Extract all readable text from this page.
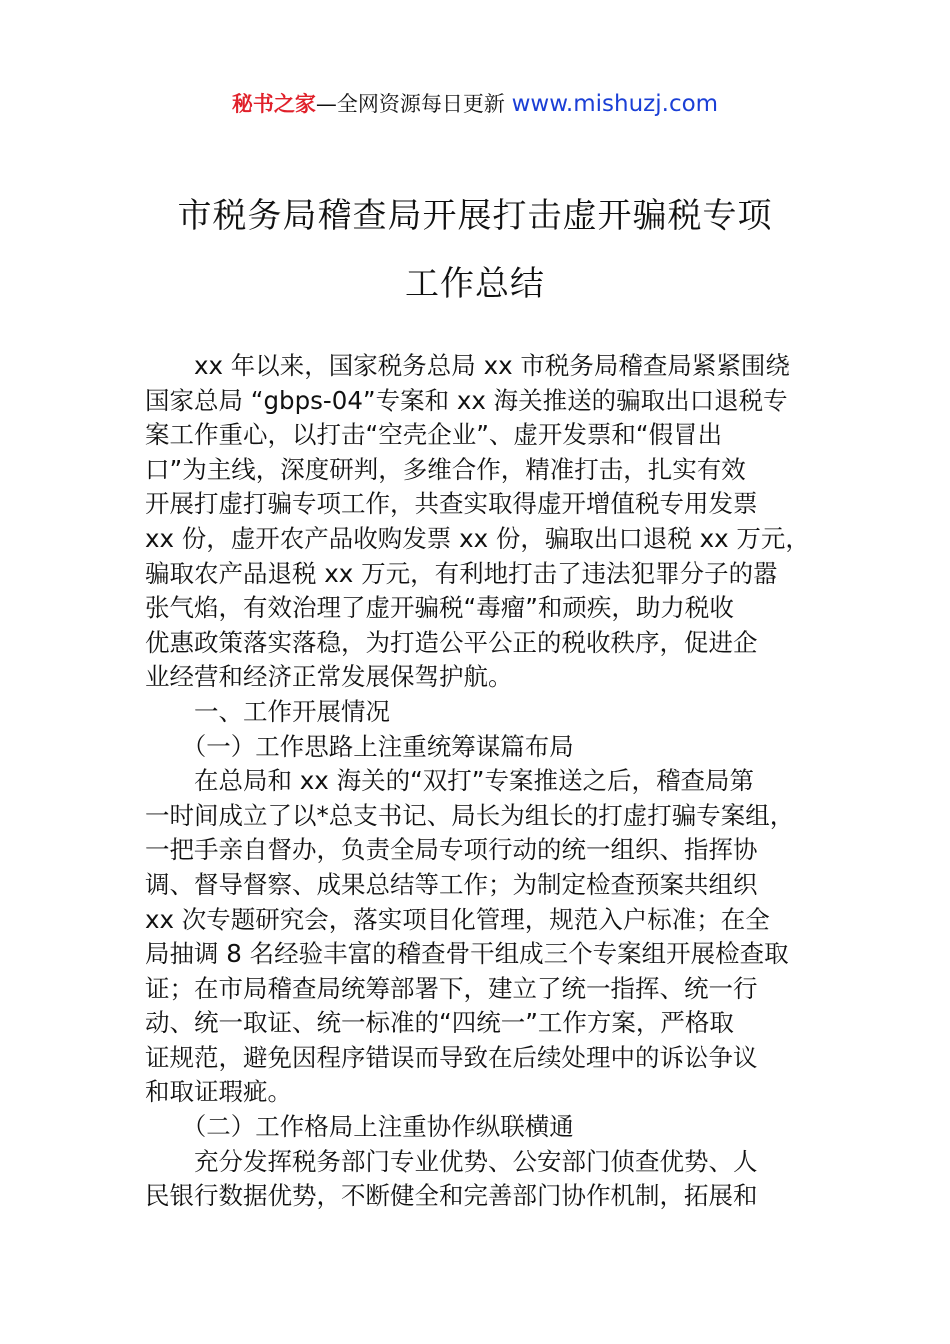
秘书之家—全网资源每日更新 www.mishuzj.com
市税务局稽查局开展打击虚开骗税专项
工作总结
　　xx 年以来，国家税务总局 xx 市税务局稽查局紧紧围绕
国家总局 “gbps-04”专案和 xx 海关推送的骗取出口退税专
案工作重心，以打击“空壳企业”、虚开发票和“假冒出
口”为主线，深度研判，多维合作，精准打击，扎实有效
开展打虚打骗专项工作，共查实取得虚开增值税专用发票
xx 份，虚开农产品收购发票 xx 份，骗取出口退税 xx 万元，
骗取农产品退税 xx 万元，有利地打击了违法犯罪分子的嚣
张气焰，有效治理了虚开骗税“毒瘤”和顽疾，助力税收
优惠政策落实落稳，为打造公平公正的税收秩序，促进企
业经营和经济正常发展保驾护航。
　　一、工作开展情况
　　（一）工作思路上注重统筹谋篇布局
　　在总局和 xx 海关的“双打”专案推送之后，稽查局第
一时间成立了以*总支书记、局长为组长的打虚打骗专案组，
一把手亲自督办，负责全局专项行动的统一组织、指挥协
调、督导督察、成果总结等工作；为制定检查预案共组织
xx 次专题研究会，落实项目化管理，规范入户标准；在全
局抽调 8 名经验丰富的稽查骨干组成三个专案组开展检查取
证；在市局稽查局统筹部署下，建立了统一指挥、统一行
动、统一取证、统一标准的“四统一”工作方案，严格取
证规范，避免因程序错误而导致在后续处理中的诉讼争议
和取证瑕疵。
　　（二）工作格局上注重协作纵联横通
　　充分发挥税务部门专业优势、公安部门侦查优势、人
民银行数据优势，不断健全和完善部门协作机制，拓展和
